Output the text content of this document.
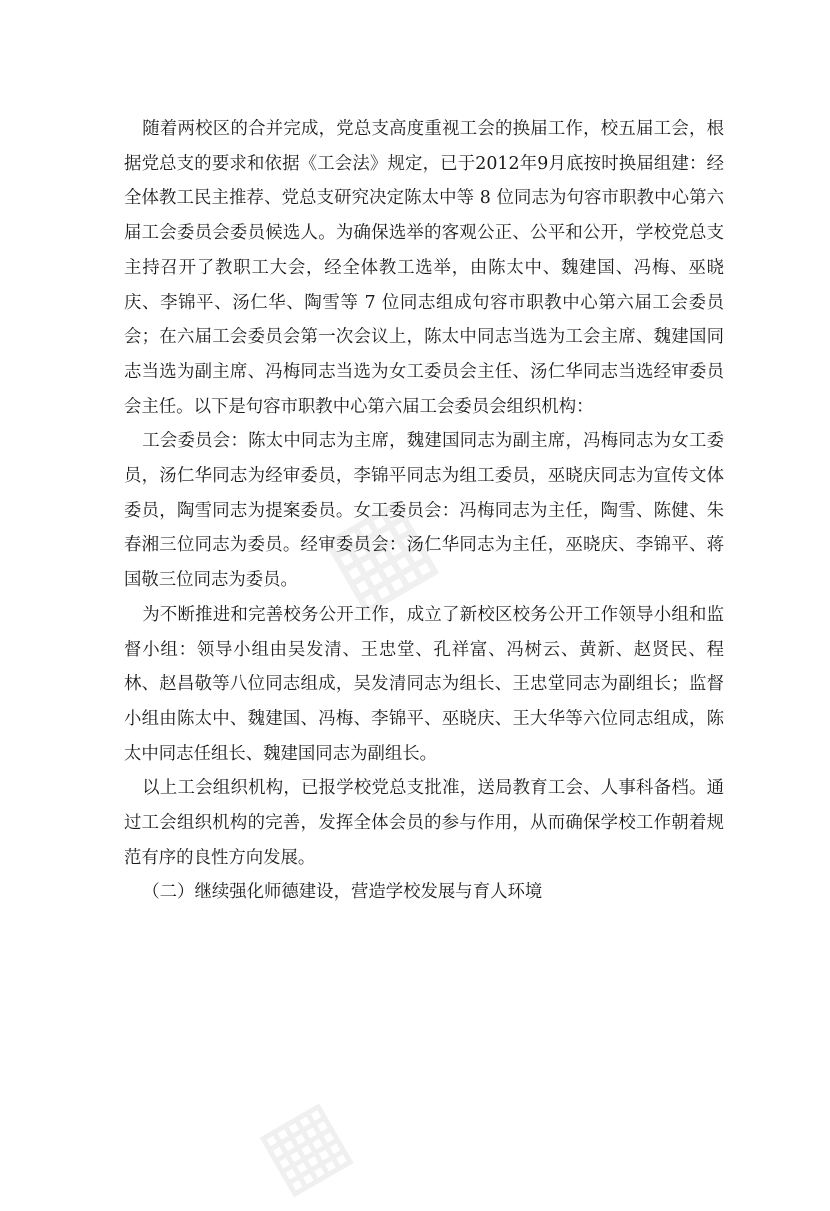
▦
▦

随着两校区的合并完成，党总支高度重视工会的换届工作，校五届工会，根据党总支的要求和依据《工会法》规定，已于2012年9月底按时换届组建：经全体教工民主推荐、党总支研究决定陈太中等 8 位同志为句容市职教中心第六届工会委员会委员候选人。为确保选举的客观公正、公平和公开，学校党总支主持召开了教职工大会，经全体教工选举，由陈太中、魏建国、冯梅、巫晓庆、李锦平、汤仁华、陶雪等 7 位同志组成句容市职教中心第六届工会委员会；在六届工会委员会第一次会议上，陈太中同志当选为工会主席、魏建国同志当选为副主席、冯梅同志当选为女工委员会主任、汤仁华同志当选经审委员会主任。以下是句容市职教中心第六届工会委员会组织机构：

工会委员会：陈太中同志为主席，魏建国同志为副主席，冯梅同志为女工委员，汤仁华同志为经审委员，李锦平同志为组工委员，巫晓庆同志为宣传文体委员，陶雪同志为提案委员。女工委员会：冯梅同志为主任，陶雪、陈健、朱春湘三位同志为委员。经审委员会：汤仁华同志为主任，巫晓庆、李锦平、蒋国敬三位同志为委员。

为不断推进和完善校务公开工作，成立了新校区校务公开工作领导小组和监督小组：领导小组由吴发清、王忠堂、孔祥富、冯树云、黄新、赵贤民、程林、赵昌敬等八位同志组成，吴发清同志为组长、王忠堂同志为副组长；监督小组由陈太中、魏建国、冯梅、李锦平、巫晓庆、王大华等六位同志组成，陈太中同志任组长、魏建国同志为副组长。

以上工会组织机构，已报学校党总支批准，送局教育工会、人事科备档。通过工会组织机构的完善，发挥全体会员的参与作用，从而确保学校工作朝着规范有序的良性方向发展。

（二）继续强化师德建设，营造学校发展与育人环境
